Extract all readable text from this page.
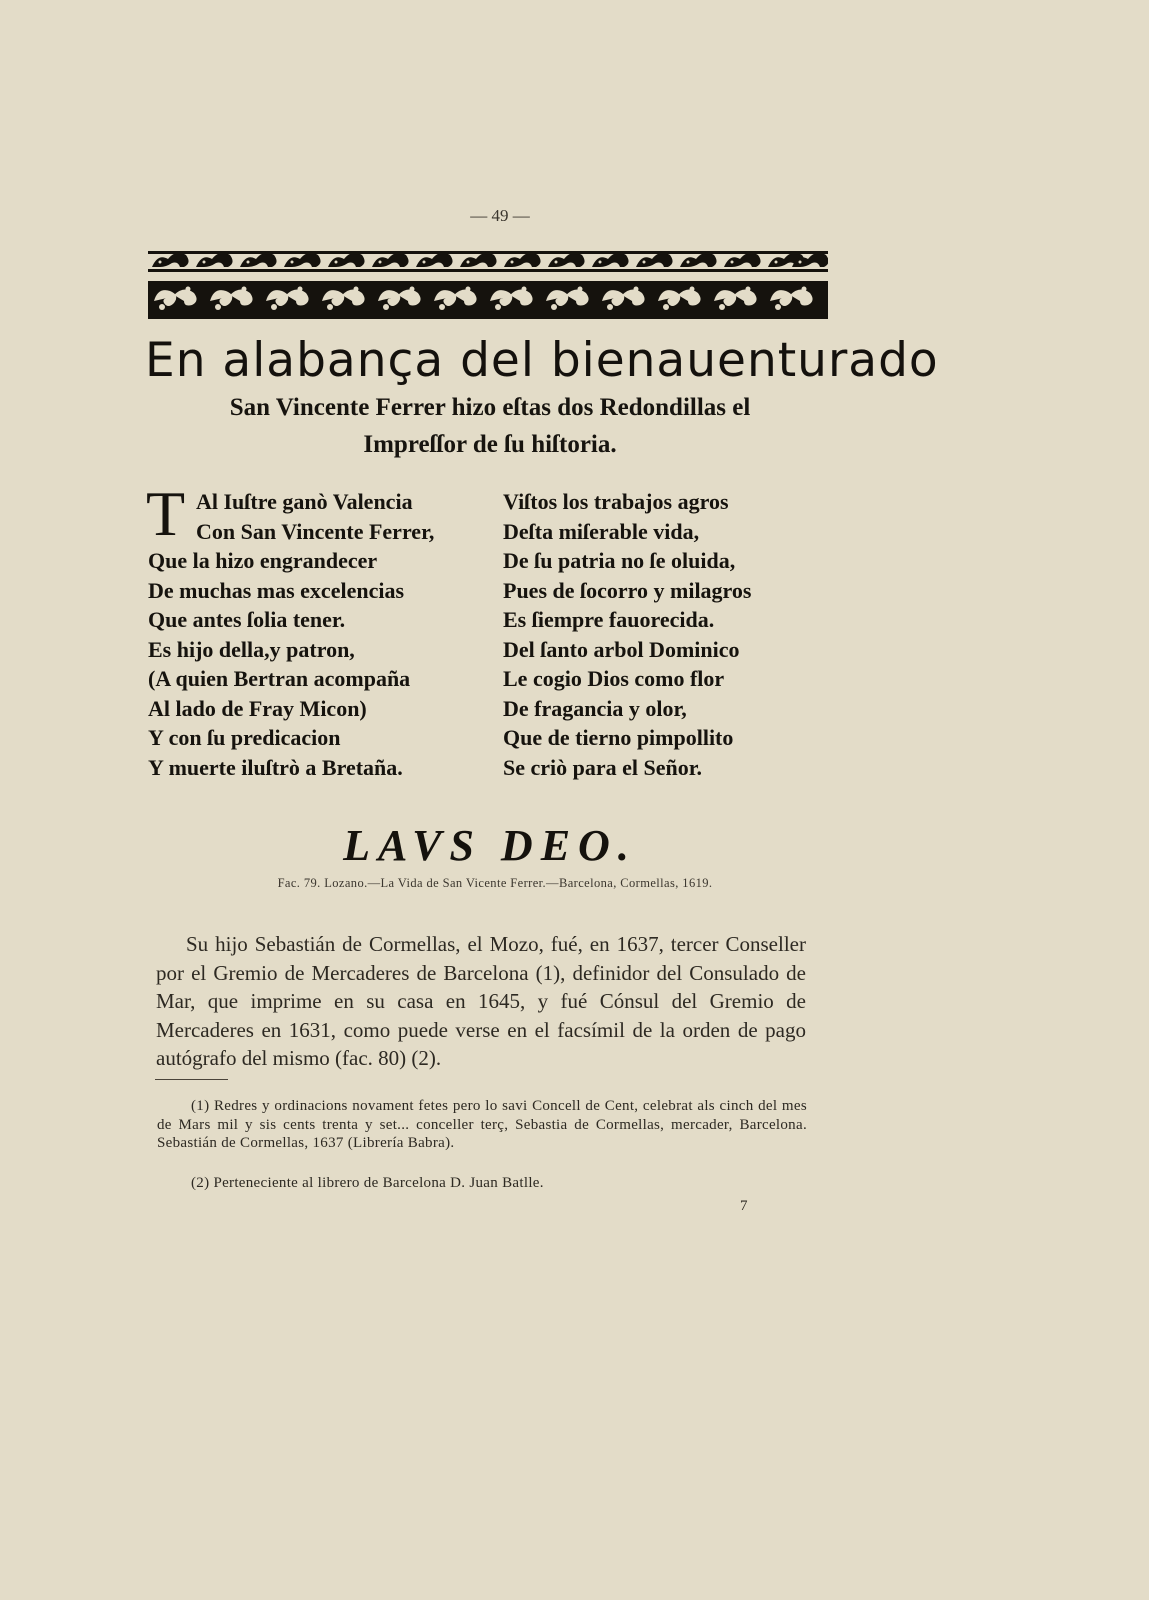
— 49 —
En alabança del bienauenturado
San Vincente Ferrer hizo eſtas dos Redondillas el
Impreſſor de ſu hiſtoria.
T Al Iuſtre ganò Valencia
Con San Vincente Ferrer,
Que la hizo engrandecer
De muchas mas excelencias
Que antes ſolia tener.
Es hijo della,y patron,
(A quien Bertran acompaña
Al lado de Fray Micon)
Y con ſu predicacion
Y muerte iluſtrò a Bretaña.
Viſtos los trabajos agros
Deſta miſerable vida,
De ſu patria no ſe oluida,
Pues de ſocorro y milagros
Es ſiempre fauorecida.
Del ſanto arbol Dominico
Le cogio Dios como flor
De fragancia y olor,
Que de tierno pimpollito
Se criò para el Señor.
LAVS DEO.
Fac. 79. Lozano.—La Vida de San Vicente Ferrer.—Barcelona, Cormellas, 1619.
Su hijo Sebastián de Cormellas, el Mozo, fué, en 1637, tercer Conseller por el Gremio de Mercaderes de Barcelona (1), definidor del Consulado de Mar, que imprime en su casa en 1645, y fué Cónsul del Gremio de Mercaderes en 1631, como puede verse en el facsímil de la orden de pago autógrafo del mismo (fac. 80) (2).
(1) Redres y ordinacions novament fetes pero lo savi Concell de Cent, celebrat als cinch del mes de Mars mil y sis cents trenta y set... conceller terç, Sebastia de Cormellas, mercader, Barcelona. Sebastián de Cormellas, 1637 (Librería Babra).
(2) Perteneciente al librero de Barcelona D. Juan Batlle.
7
